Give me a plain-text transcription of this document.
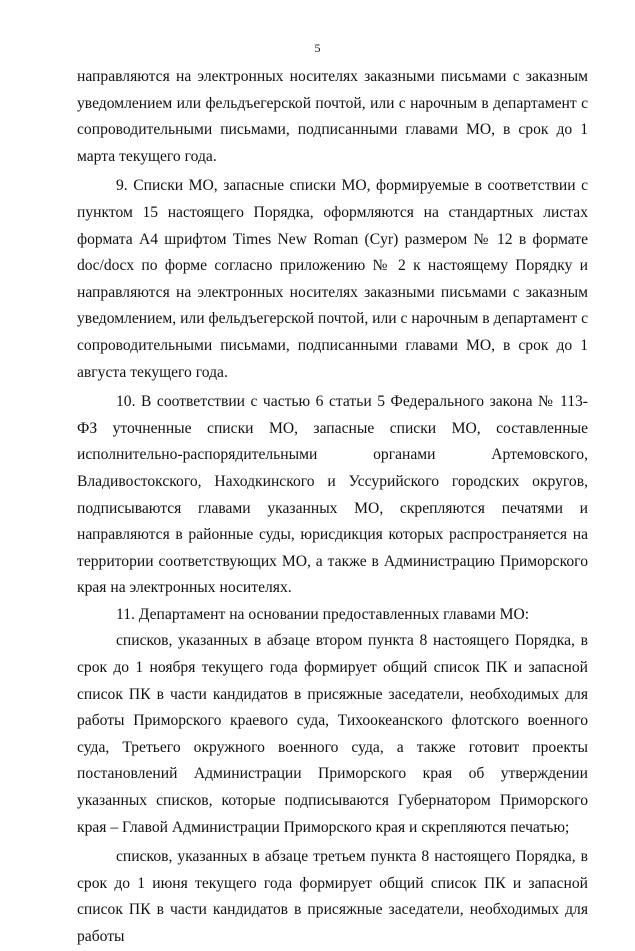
5

направляются на электронных носителях заказными письмами с заказным уведомлением или фельдъегерской почтой, или с нарочным в департамент с сопроводительными письмами, подписанными главами МО, в срок до 1 марта текущего года.

9. Списки МО, запасные списки МО, формируемые в соответствии с пунктом 15 настоящего Порядка, оформляются на стандартных листах формата А4 шрифтом Times New Roman (Cyr) размером № 12 в формате doc/docx по форме согласно приложению № 2 к настоящему Порядку и направляются на электронных носителях заказными письмами с заказным уведомлением, или фельдъегерской почтой, или с нарочным в департамент с сопроводительными письмами, подписанными главами МО, в срок до 1 августа текущего года.

10. В соответствии с частью 6 статьи 5 Федерального закона № 113-ФЗ уточненные списки МО, запасные списки МО, составленные исполнительно-распорядительными органами Артемовского, Владивостокского, Находкинского и Уссурийского городских округов, подписываются главами указанных МО, скрепляются печатями и направляются в районные суды, юрисдикция которых распространяется на территории соответствующих МО, а также в Администрацию Приморского края на электронных носителях.

11. Департамент на основании предоставленных главами МО:

списков, указанных в абзаце втором пункта 8 настоящего Порядка, в срок до 1 ноября текущего года формирует общий список ПК и запасной список ПК в части кандидатов в присяжные заседатели, необходимых для работы Приморского краевого суда, Тихоокеанского флотского военного суда, Третьего окружного военного суда, а также готовит проекты постановлений Администрации Приморского края об утверждении указанных списков, которые подписываются Губернатором Приморского края – Главой Администрации Приморского края и скрепляются печатью;

списков, указанных в абзаце третьем пункта 8 настоящего Порядка, в срок до 1 июня текущего года формирует общий список ПК и запасной список ПК в части кандидатов в присяжные заседатели, необходимых для работы
